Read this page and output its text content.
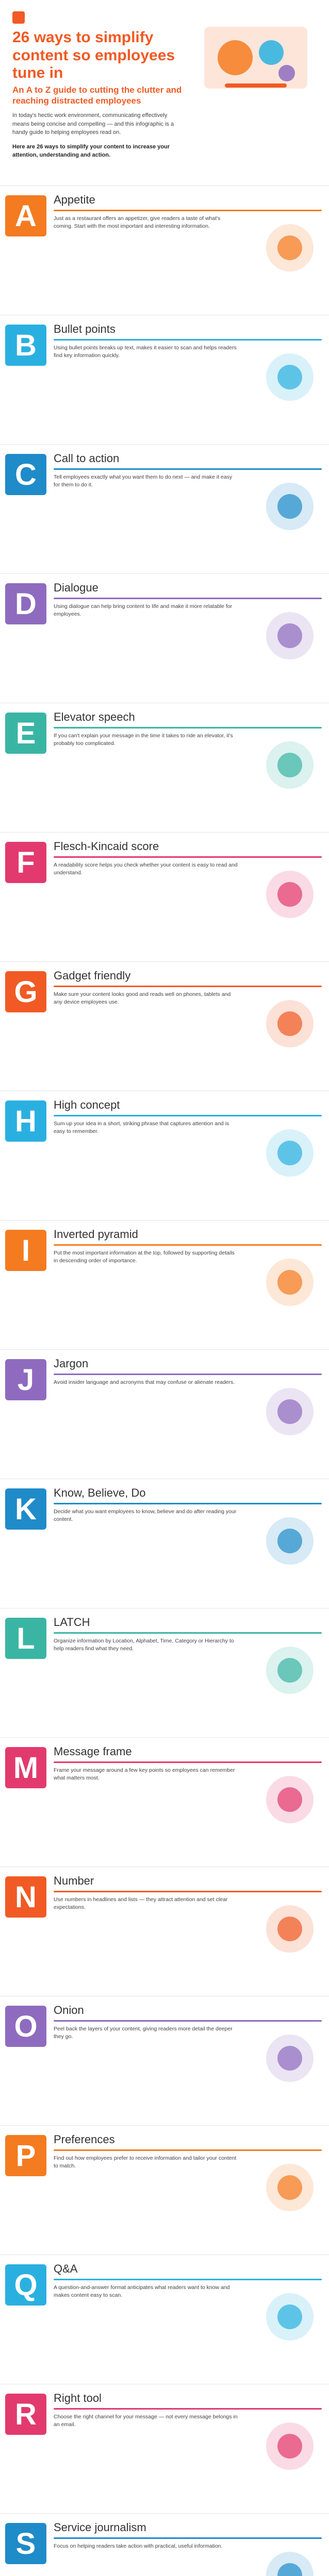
26 ways to simplify content so employees tune in
An A to Z guide to cutting the clutter and reaching distracted employees

In today's hectic work environment, communicating effectively means being concise and compelling — and this infographic is a handy guide to helping employees read on.

Here are 26 ways to simplify your content to increase your attention, understanding and action.

A	Appetite

Just as a restaurant offers an appetizer, give readers a taste of what's coming. Start with the most important and interesting information.

B	Bullet points

Using bullet points breaks up text, makes it easier to scan and helps readers find key information quickly.

C	Call to action

Tell employees exactly what you want them to do next — and make it easy for them to do it.

D	Dialogue

Using dialogue can help bring content to life and make it more relatable for employees.

E	Elevator speech

If you can't explain your message in the time it takes to ride an elevator, it's probably too complicated.

F	Flesch-Kincaid score

A readability score helps you check whether your content is easy to read and understand.

G	Gadget friendly

Make sure your content looks good and reads well on phones, tablets and any device employees use.

H	High concept

Sum up your idea in a short, striking phrase that captures attention and is easy to remember.

I	Inverted pyramid

Put the most important information at the top, followed by supporting details in descending order of importance.

J	Jargon

Avoid insider language and acronyms that may confuse or alienate readers.

K	Know, Believe, Do

Decide what you want employees to know, believe and do after reading your content.

L	LATCH

Organize information by Location, Alphabet, Time, Category or Hierarchy to help readers find what they need.

M	Message frame

Frame your message around a few key points so employees can remember what matters most.

N	Number

Use numbers in headlines and lists — they attract attention and set clear expectations.

O	Onion

Peel back the layers of your content, giving readers more detail the deeper they go.

P	Preferences

Find out how employees prefer to receive information and tailor your content to match.

Q	Q&A

A question-and-answer format anticipates what readers want to know and makes content easy to scan.

R	Right tool

Choose the right channel for your message — not every message belongs in an email.

S	Service journalism

Focus on helping readers take action with practical, useful information.
